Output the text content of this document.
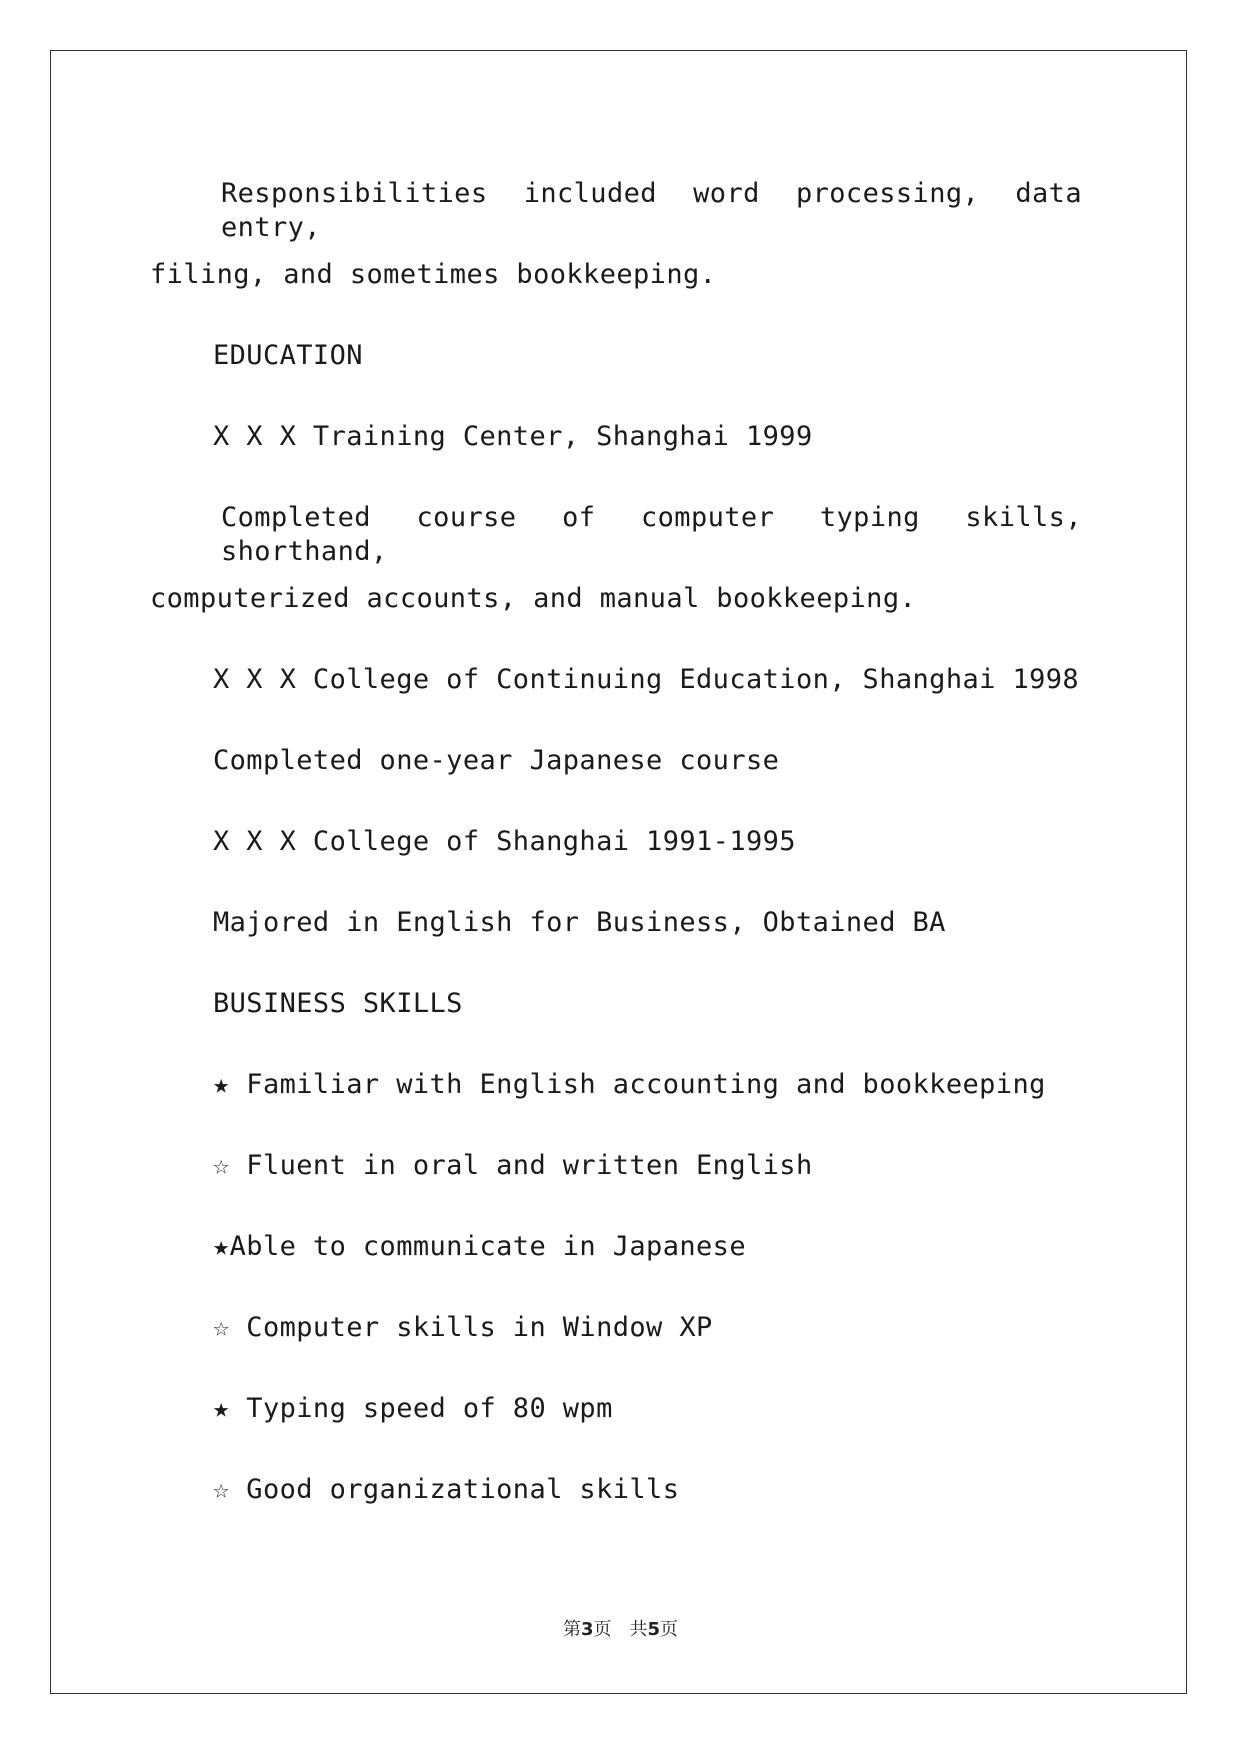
Responsibilities included word processing, data entry,
filing, and sometimes bookkeeping.
EDUCATION
X X X Training Center, Shanghai 1999
Completed course of computer typing skills, shorthand,
computerized accounts, and manual bookkeeping.
X X X College of Continuing Education, Shanghai 1998
Completed one-year Japanese course
X X X College of Shanghai 1991-1995
Majored in English for Business, Obtained BA
BUSINESS SKILLS
★ Familiar with English accounting and bookkeeping
☆ Fluent in oral and written English
★Able to communicate in Japanese
☆ Computer skills in Window XP
★ Typing speed of 80 wpm
☆ Good organizational skills
第3页 共5页
